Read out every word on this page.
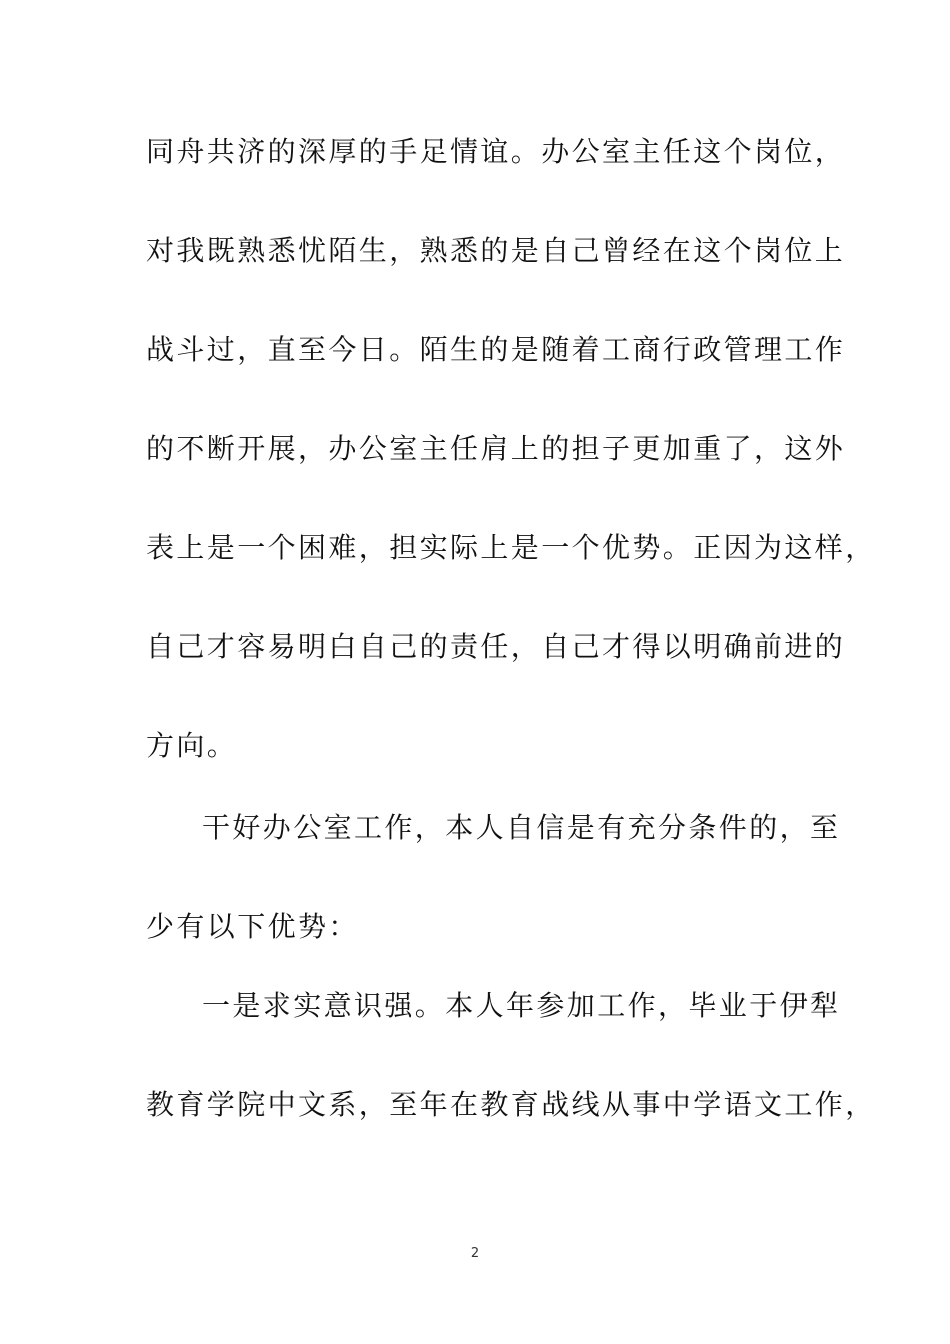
同舟共济的深厚的手足情谊。办公室主任这个岗位，
对我既熟悉忧陌生，熟悉的是自己曾经在这个岗位上
战斗过，直至今日。陌生的是随着工商行政管理工作
的不断开展，办公室主任肩上的担子更加重了，这外
表上是一个困难，担实际上是一个优势。正因为这样，
自己才容易明白自己的责任，自己才得以明确前进的
方向。
干好办公室工作，本人自信是有充分条件的，至
少有以下优势：
一是求实意识强。本人年参加工作，毕业于伊犁
教育学院中文系，至年在教育战线从事中学语文工作，
2
